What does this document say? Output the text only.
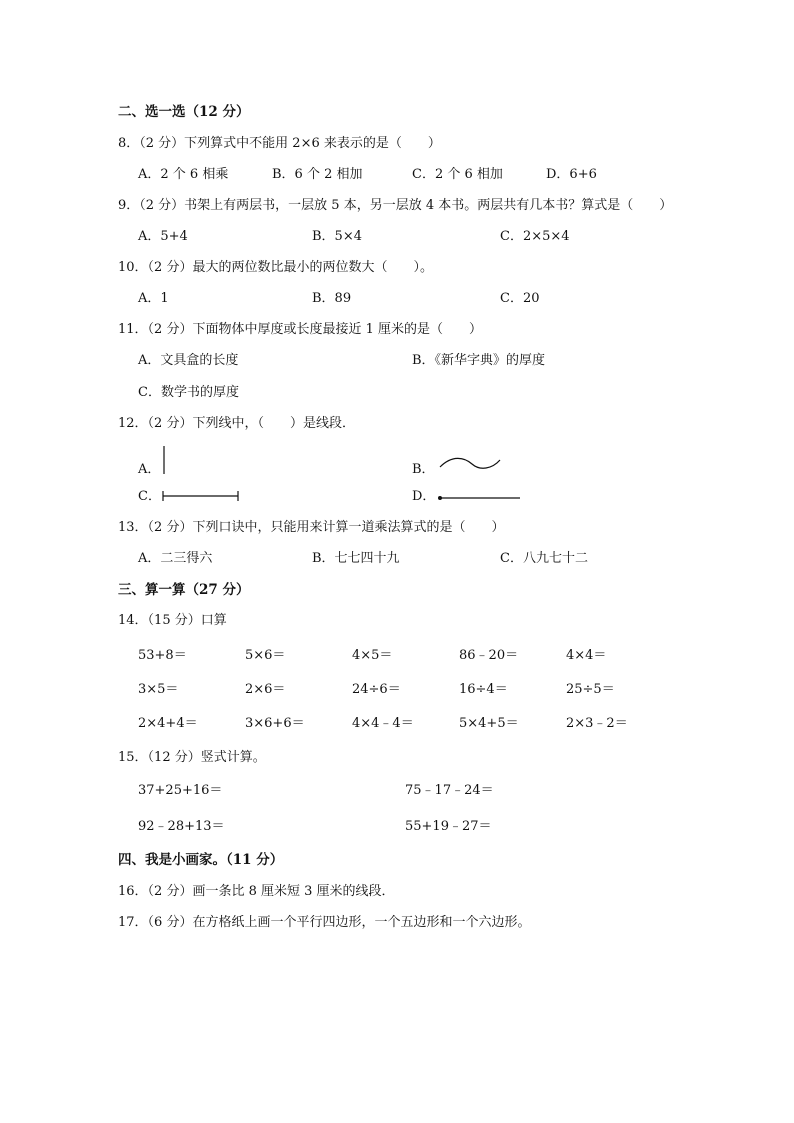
二、选一选（12 分）
8．（2 分）下列算式中不能用 2×6 来表示的是（　　）
A．2 个 6 相乘	B．6 个 2 相加	C．2 个 6 相加	D．6+6
9．（2 分）书架上有两层书，一层放 5 本，另一层放 4 本书。两层共有几本书？算式是（　　）
A．5+4	B．5×4	C．2×5×4
10．（2 分）最大的两位数比最小的两位数大（　　）。
A．1	B．89	C．20
11．（2 分）下面物体中厚度或长度最接近 1 厘米的是（　　）
A．文具盒的长度	B．《新华字典》的厚度
C．数学书的厚度
12．（2 分）下列线中，（　　）是线段．
A．	B．
C．	D．
13．（2 分）下列口诀中，只能用来计算一道乘法算式的是（　　）
A．二三得六	B．七七四十九	C．八九七十二
三、算一算（27 分）
14．（15 分）口算
53+8＝	5×6＝	4×5＝	86﹣20＝	4×4＝
3×5＝	2×6＝	24÷6＝	16÷4＝	25÷5＝
2×4+4＝	3×6+6＝	4×4﹣4＝	5×4+5＝	2×3﹣2＝
15．（12 分）竖式计算。
37+25+16＝	75﹣17﹣24＝
92﹣28+13＝	55+19﹣27＝
四、我是小画家。（11 分）
16．（2 分）画一条比 8 厘米短 3 厘米的线段．
17．（6 分）在方格纸上画一个平行四边形，一个五边形和一个六边形。
